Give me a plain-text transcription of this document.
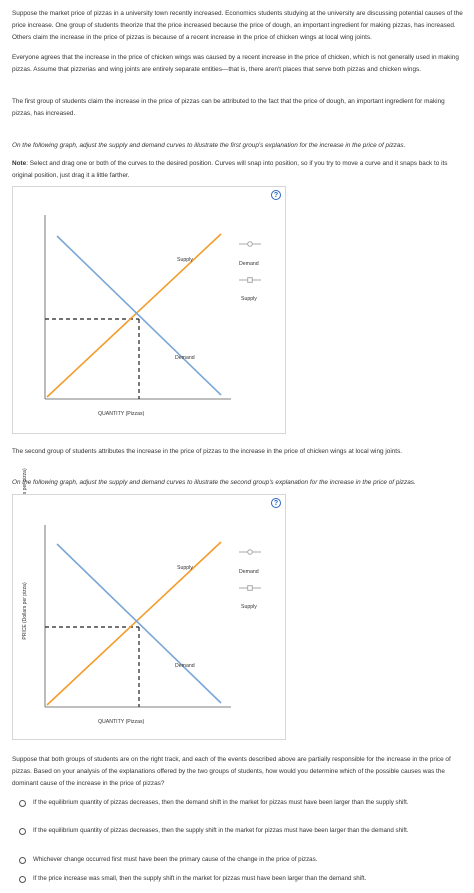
Suppose the market price of pizzas in a university town recently increased. Economics students studying at the university are discussing potential causes of the price increase. One group of students theorize that the price increased because the price of dough, an important ingredient for making pizzas, has increased. Others claim the increase in the price of pizzas is because of a recent increase in the price of chicken wings at local wing joints.

Everyone agrees that the increase in the price of chicken wings was caused by a recent increase in the price of chicken, which is not generally used in making pizzas. Assume that pizzerias and wing joints are entirely separate entities—that is, there aren't places that serve both pizzas and chicken wings.

The first group of students claim the increase in the price of pizzas can be attributed to the fact that the price of dough, an important ingredient for making pizzas, has increased.

On the following graph, adjust the supply and demand curves to illustrate the first group's explanation for the increase in the price of pizzas.

Note: Select and drag one or both of the curves to the desired position. Curves will snap into position, so if you try to move a curve and it snaps back to its original position, just drag it a little farther.

?
Supply
Demand
QUANTITY (Pizzas)
Demand
Supply

The second group of students attributes the increase in the price of pizzas to the increase in the price of chicken wings at local wing joints.

On the following graph, adjust the supply and demand curves to illustrate the second group's explanation for the increase in the price of pizzas.

?
PRICE (Dollars per pizza)
Supply
Demand
QUANTITY (Pizzas)
Demand
Supply

Suppose that both groups of students are on the right track, and each of the events described above are partially responsible for the increase in the price of pizzas. Based on your analysis of the explanations offered by the two groups of students, how would you determine which of the possible causes was the dominant cause of the increase in the price of pizzas?

If the equilibrium quantity of pizzas decreases, then the demand shift in the market for pizzas must have been larger than the supply shift.
If the equilibrium quantity of pizzas decreases, then the supply shift in the market for pizzas must have been larger than the demand shift.
Whichever change occurred first must have been the primary cause of the change in the price of pizzas.
If the price increase was small, then the supply shift in the market for pizzas must have been larger than the demand shift.
